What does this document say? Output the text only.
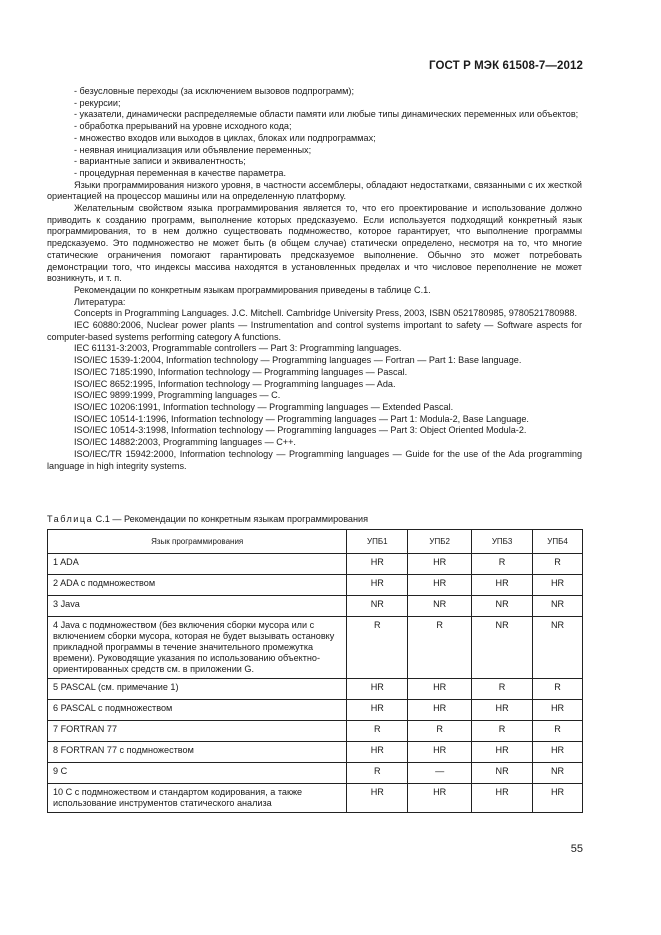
ГОСТ Р МЭК 61508-7—2012

- безусловные переходы (за исключением вызовов подпрограмм);

- рекурсии;

- указатели, динамически распределяемые области памяти или любые типы динамических переменных или объектов;

- обработка прерываний на уровне исходного кода;

- множество входов или выходов в циклах, блоках или подпрограммах;

- неявная инициализация или объявление переменных;

- вариантные записи и эквивалентность;

- процедурная переменная в качестве параметра.

Языки программирования низкого уровня, в частности ассемблеры, обладают недостатками, связанными с их жесткой ориентацией на процессор машины или на определенную платформу.

Желательным свойством языка программирования является то, что его проектирование и использование должно приводить к созданию программ, выполнение которых предсказуемо. Если используется подходящий конкретный язык программирования, то в нем должно существовать подмножество, которое гарантирует, что выполнение программы предсказуемо. Это подмножество не может быть (в общем случае) статически определено, несмотря на то, что многие статические ограничения помогают гарантировать предсказуемое выполнение. Обычно это может потребовать демонстрации того, что индексы массива находятся в установленных пределах и что числовое переполнение не может возникнуть, и т. п.

Рекомендации по конкретным языкам программирования приведены в таблице С.1.

Литература:

Concepts in Programming Languages. J.C. Mitchell. Cambridge University Press, 2003, ISBN 0521780985, 9780521780988.

IEC 60880:2006, Nuclear power plants — Instrumentation and control systems important to safety — Software aspects for computer-based systems performing category A functions.

IEC 61131-3:2003, Programmable controllers — Part 3: Programming languages.

ISO/IEC 1539-1:2004, Information technology — Programming languages — Fortran — Part 1: Base language.

ISO/IEC 7185:1990, Information technology — Programming languages — Pascal.

ISO/IEC 8652:1995, Information technology — Programming languages — Ada.

ISO/IEC 9899:1999, Programming languages — C.

ISO/IEC 10206:1991, Information technology — Programming languages — Extended Pascal.

ISO/IEC 10514-1:1996, Information technology — Programming languages — Part 1: Modula-2, Base Language.

ISO/IEC 10514-3:1998, Information technology — Programming languages — Part 3: Object Oriented Modula-2.

ISO/IEC 14882:2003, Programming languages — C++.

ISO/IEC/TR 15942:2000, Information technology — Programming languages — Guide for the use of the Ada programming language in high integrity systems.

Таблица С.1 — Рекомендации по конкретным языкам программирования
Язык программирования	УПБ1	УПБ2	УПБ3	УПБ4
1 ADA	HR	HR	R	R
2 ADA с подмножеством	HR	HR	HR	HR
3 Java	NR	NR	NR	NR
4 Java с подмножеством (без включения сборки мусора или с включением сборки мусора, которая не будет вызывать остановку прикладной программы в течение значительного промежутка времени). Руководящие указания по использованию объектно-ориентированных средств см. в приложении G.	R	R	NR	NR
5 PASCAL (см. примечание 1)	HR	HR	R	R
6 PASCAL с подмножеством	HR	HR	HR	HR
7 FORTRAN 77	R	R	R	R
8 FORTRAN 77 с подмножеством	HR	HR	HR	HR
9 С	R	—	NR	NR
10 С с подмножеством и стандартом кодирования, а также использование инструментов статического анализа	HR	HR	HR	HR
55
